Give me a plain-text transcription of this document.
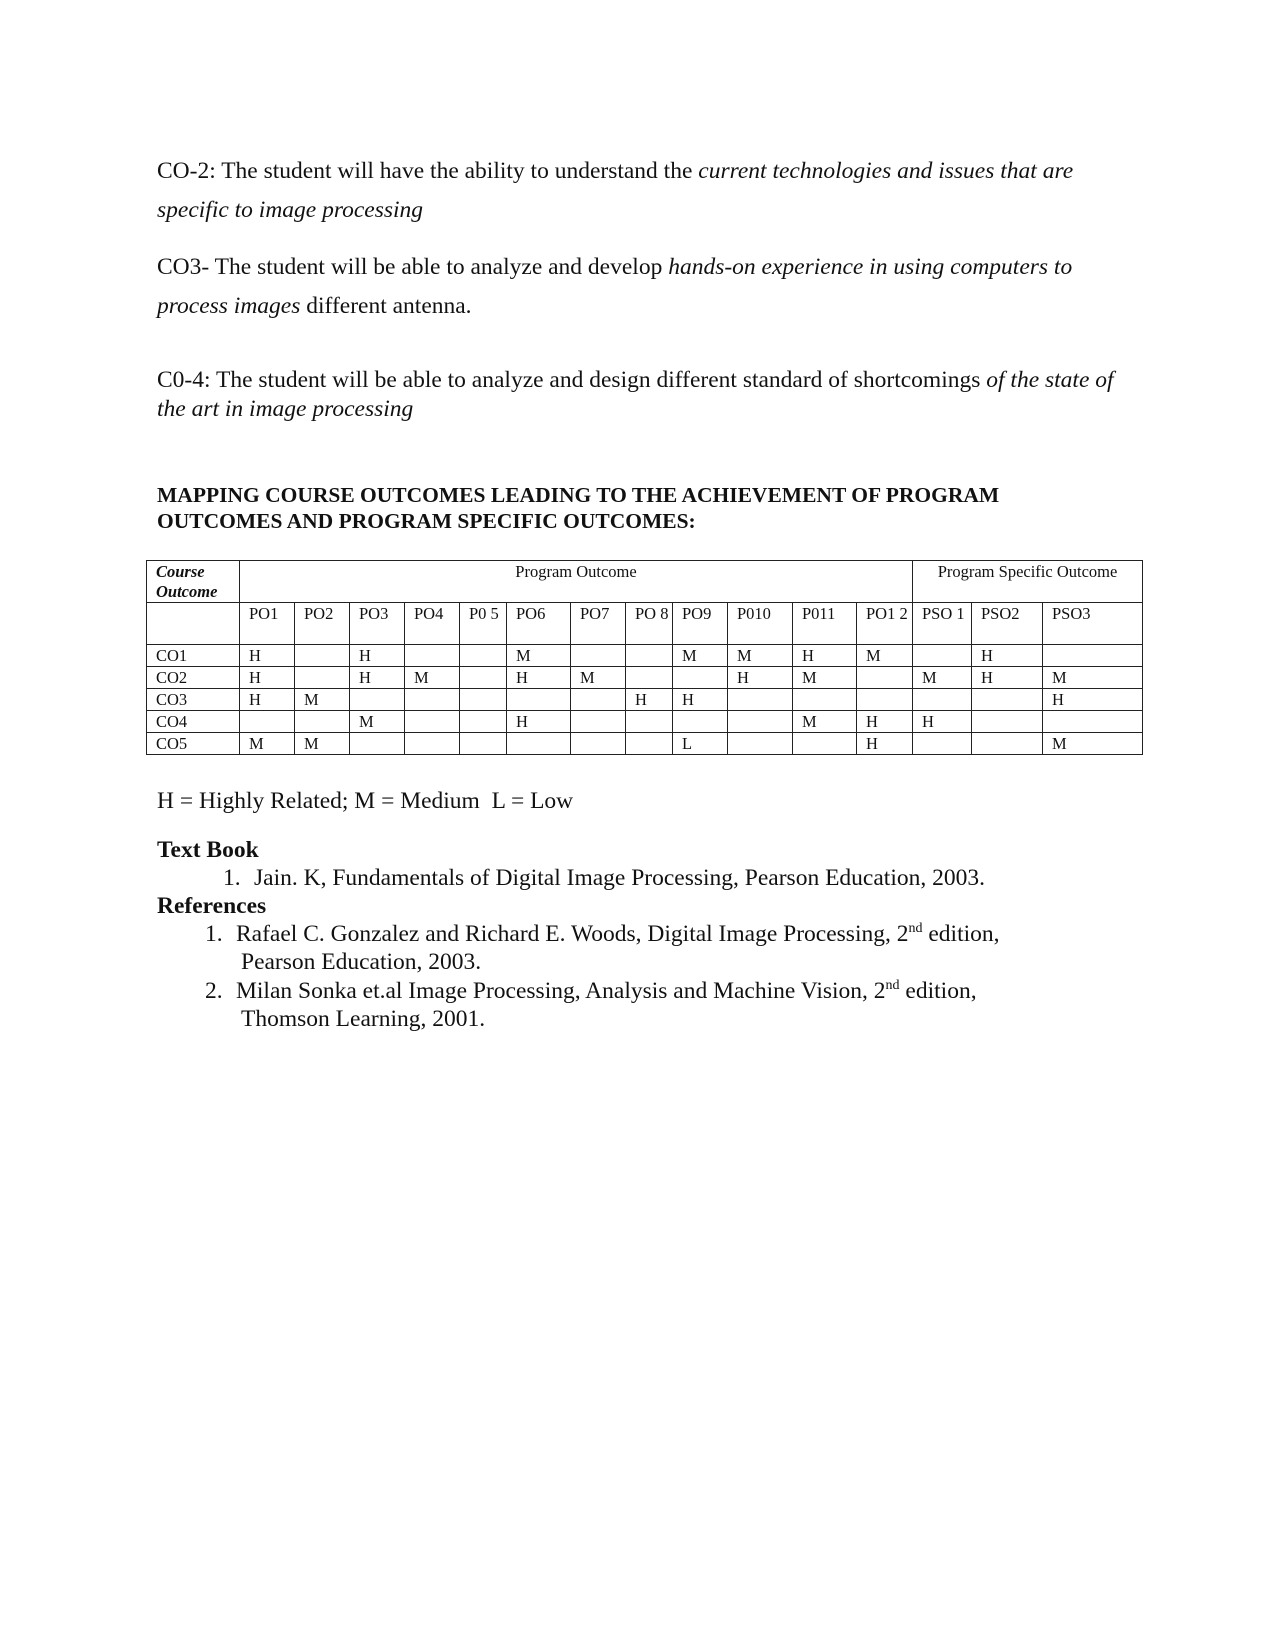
CO-2: The student will have the ability to understand the current technologies and issues that are specific to image processing

CO3- The student will be able to analyze and develop hands-on experience in using computers to process images different antenna.

C0-4: The student will be able to analyze and design different standard of shortcomings of the state of the art in image processing

MAPPING COURSE OUTCOMES LEADING TO THE ACHIEVEMENT OF PROGRAM
OUTCOMES AND PROGRAM SPECIFIC OUTCOMES:
Course Outcome	Program Outcome												Program Specific Outcome		
	PO1	PO2	PO3	PO4	P0 5	PO6	PO7	PO 8	PO9	P010	P011	PO1 2	PSO 1	PSO2	PSO3
CO1	H		H			M			M	M	H	M		H	
CO2	H		H	M		H	M			H	M		M	H	M
CO3	H	M						H	H						H
CO4			M			H					M	H	H		
CO5	M	M							L			H			M

H = Highly Related; M = Medium  L = Low

Text Book

1. Jain. K, Fundamentals of Digital Image Processing, Pearson Education, 2003.

References

1. Rafael C. Gonzalez and Richard E. Woods, Digital Image Processing, 2nd edition,
Pearson Education, 2003.
2. Milan Sonka et.al Image Processing, Analysis and Machine Vision, 2nd edition,
Thomson Learning, 2001.
